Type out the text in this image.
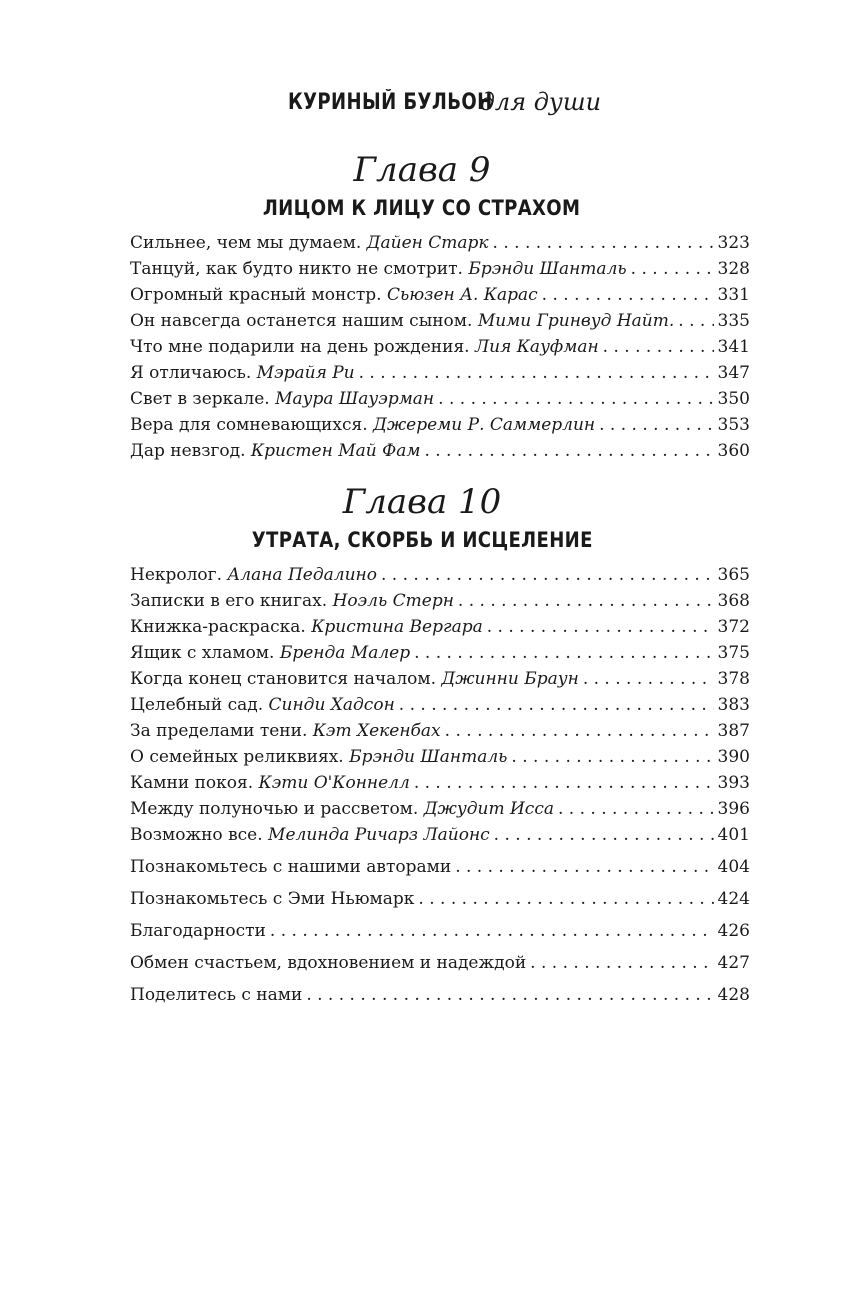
КУРИНЫЙ БУЛЬОН для души
Глава 9
ЛИЦОМ К ЛИЦУ СО СТРАХОМ
Сильнее, чем мы думаем. Дайен Старк . . .	323
Танцуй, как будто никто не смотрит. Брэнди Шанталь . . .	328
Огромный красный монстр. Сьюзен А. Карас . . .	331
Он навсегда останется нашим сыном. Мими Гринвуд Найт. . . .	335
Что мне подарили на день рождения. Лия Кауфман . . .	341
Я отличаюсь. Мэрайя Ри . . .	347
Свет в зеркале. Маура Шауэрман . . .	350
Вера для сомневающихся. Джереми Р. Саммерлин . . .	353
Дар невзгод. Кристен Май Фам . . .	360
Глава 10
УТРАТА, СКОРБЬ И ИСЦЕЛЕНИЕ
Некролог. Алана Педалино . . .	365
Записки в его книгах. Ноэль Стерн . . .	368
Книжка-раскраска. Кристина Вергара . . .	372
Ящик с хламом. Бренда Малер . . .	375
Когда конец становится началом. Джинни Браун . . .	378
Целебный сад. Синди Хадсон . . .	383
За пределами тени. Кэт Хекенбах . . .	387
О семейных реликвиях. Брэнди Шанталь . . .	390
Камни покоя. Кэти О'Коннелл . . .	393
Между полуночью и рассветом. Джудит Исса . . .	396
Возможно все. Мелинда Ричарз Лайонс . . .	401
Познакомьтесь с нашими авторами . . .	404
Познакомьтесь с Эми Ньюмарк . . .	424
Благодарности . . .	426
Обмен счастьем, вдохновением и надеждой . . .	427
Поделитесь с нами . . .	428
